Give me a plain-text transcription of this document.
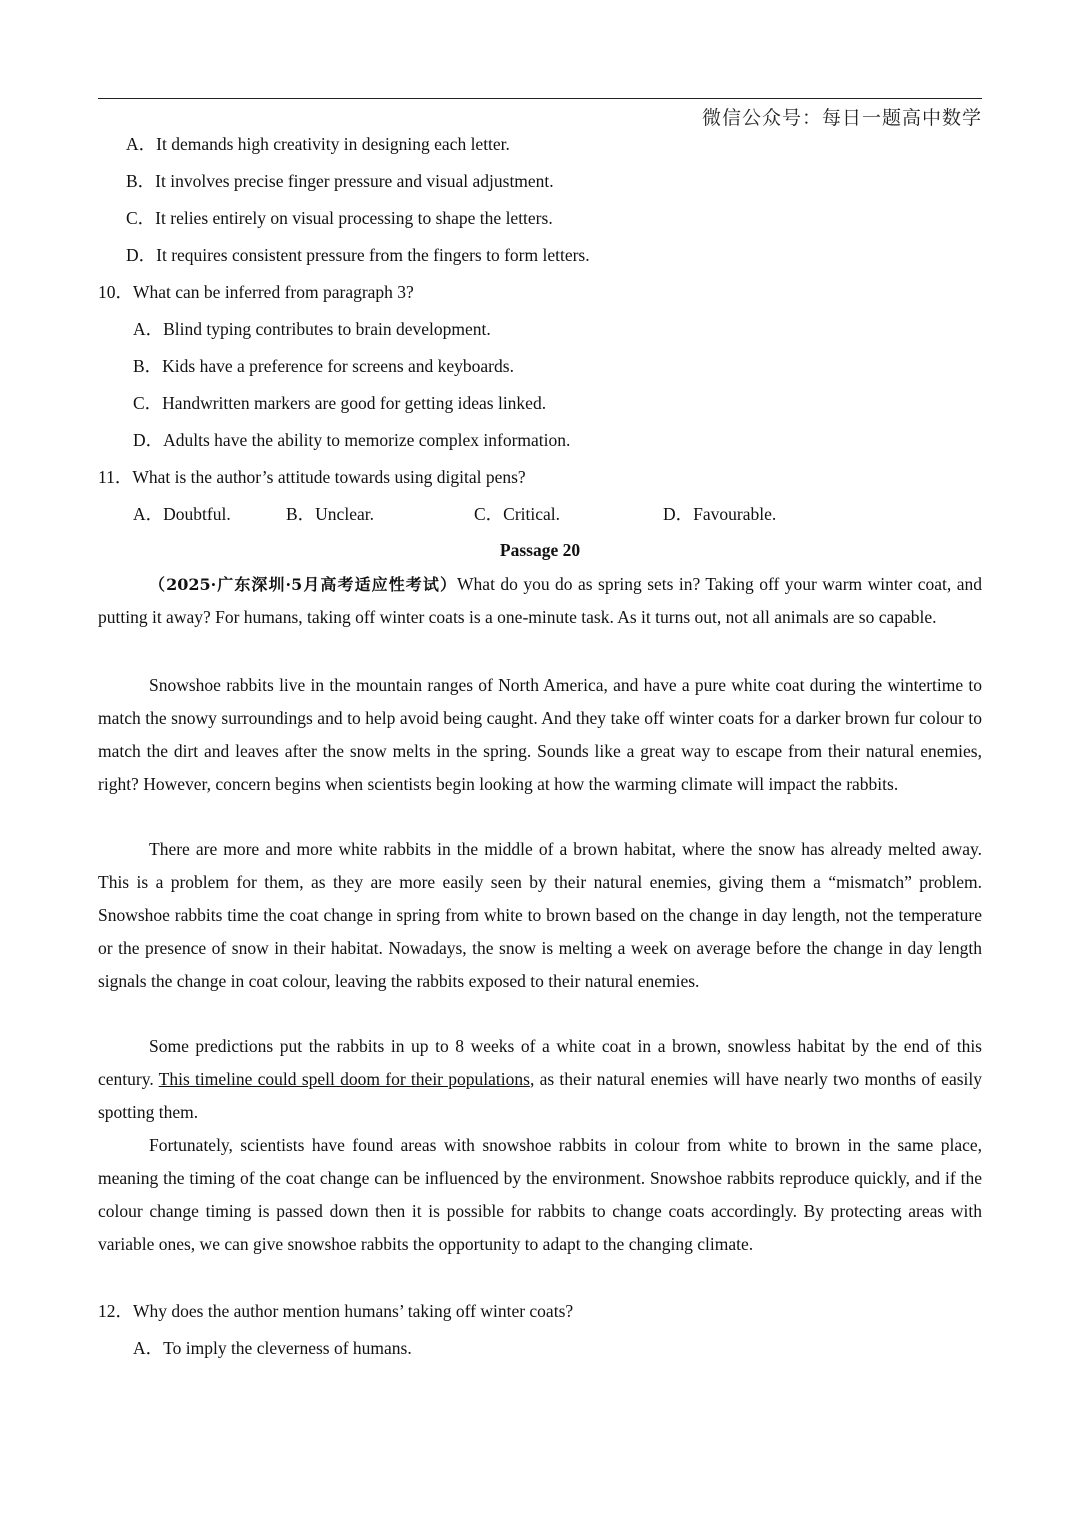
微信公众号：每日一题高中数学
A．It demands high creativity in designing each letter.
B．It involves precise finger pressure and visual adjustment.
C．It relies entirely on visual processing to shape the letters.
D．It requires consistent pressure from the fingers to form letters.
10．What can be inferred from paragraph 3?
A．Blind typing contributes to brain development.
B．Kids have a preference for screens and keyboards.
C．Handwritten markers are good for getting ideas linked.
D．Adults have the ability to memorize complex information.
11．What is the author’s attitude towards using digital pens?
A．Doubtful.	B．Unclear.	C．Critical.	D．Favourable.
Passage 20

（2025·广东深圳·5月高考适应性考试）What do you do as spring sets in? Taking off your warm winter coat, and putting it away? For humans, taking off winter coats is a one-minute task. As it turns out, not all animals are so capable.

Snowshoe rabbits live in the mountain ranges of North America, and have a pure white coat during the wintertime to match the snowy surroundings and to help avoid being caught. And they take off winter coats for a darker brown fur colour to match the dirt and leaves after the snow melts in the spring. Sounds like a great way to escape from their natural enemies, right? However, concern begins when scientists begin looking at how the warming climate will impact the rabbits.

There are more and more white rabbits in the middle of a brown habitat, where the snow has already melted away. This is a problem for them, as they are more easily seen by their natural enemies, giving them a “mismatch” problem. Snowshoe rabbits time the coat change in spring from white to brown based on the change in day length, not the temperature or the presence of snow in their habitat. Nowadays, the snow is melting a week on average before the change in day length signals the change in coat colour, leaving the rabbits exposed to their natural enemies.

Some predictions put the rabbits in up to 8 weeks of a white coat in a brown, snowless habitat by the end of this century. This timeline could spell doom for their populations, as their natural enemies will have nearly two months of easily spotting them.

Fortunately, scientists have found areas with snowshoe rabbits in colour from white to brown in the same place, meaning the timing of the coat change can be influenced by the environment. Snowshoe rabbits reproduce quickly, and if the colour change timing is passed down then it is possible for rabbits to change coats accordingly. By protecting areas with variable ones, we can give snowshoe rabbits the opportunity to adapt to the changing climate.

12．Why does the author mention humans’ taking off winter coats?
A．To imply the cleverness of humans.
